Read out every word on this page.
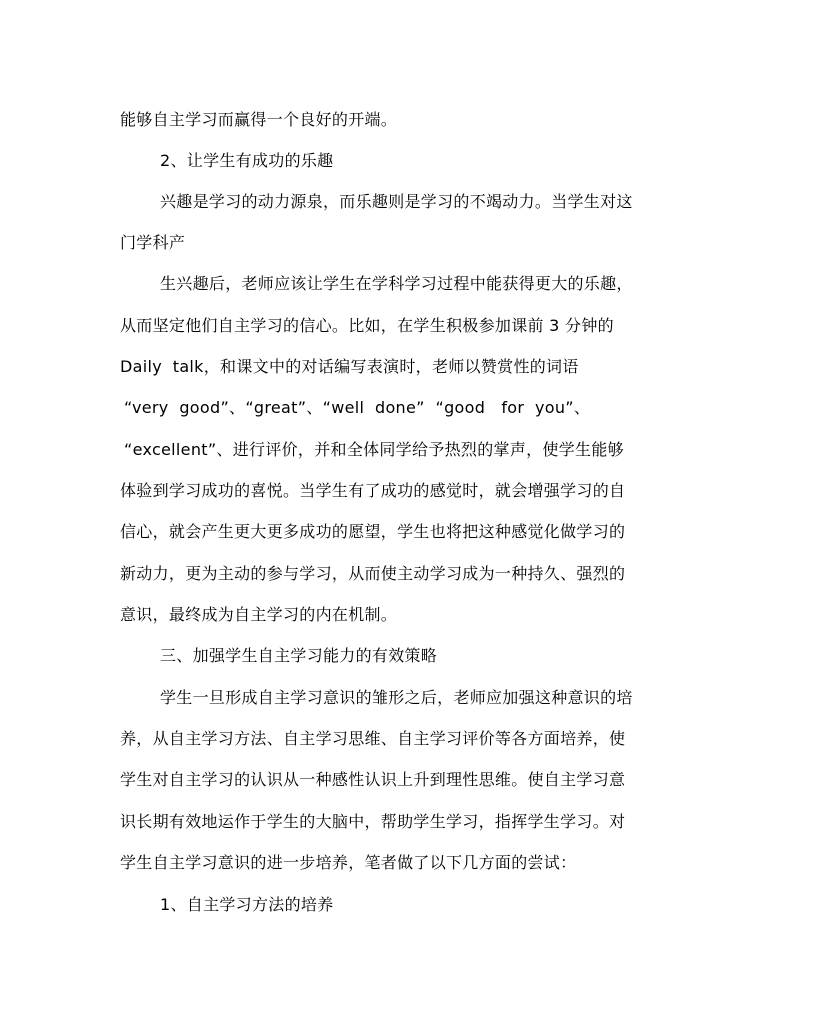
能够自主学习而赢得一个良好的开端。
2、让学生有成功的乐趣
兴趣是学习的动力源泉，而乐趣则是学习的不竭动力。当学生对这
门学科产
生兴趣后，老师应该让学生在学科学习过程中能获得更大的乐趣，
从而坚定他们自主学习的信心。比如，在学生积极参加课前 3 分钟的
Daily  talk，和课文中的对话编写表演时，老师以赞赏性的词语
“very  good”、“great”、“well  done”  “good   for  you”、
“excellent”、进行评价，并和全体同学给予热烈的掌声，使学生能够
体验到学习成功的喜悦。当学生有了成功的感觉时，就会增强学习的自
信心，就会产生更大更多成功的愿望，学生也将把这种感觉化做学习的
新动力，更为主动的参与学习，从而使主动学习成为一种持久、强烈的
意识，最终成为自主学习的内在机制。
三、加强学生自主学习能力的有效策略
学生一旦形成自主学习意识的雏形之后，老师应加强这种意识的培
养，从自主学习方法、自主学习思维、自主学习评价等各方面培养，使
学生对自主学习的认识从一种感性认识上升到理性思维。使自主学习意
识长期有效地运作于学生的大脑中，帮助学生学习，指挥学生学习。对
学生自主学习意识的进一步培养，笔者做了以下几方面的尝试：
1、自主学习方法的培养
